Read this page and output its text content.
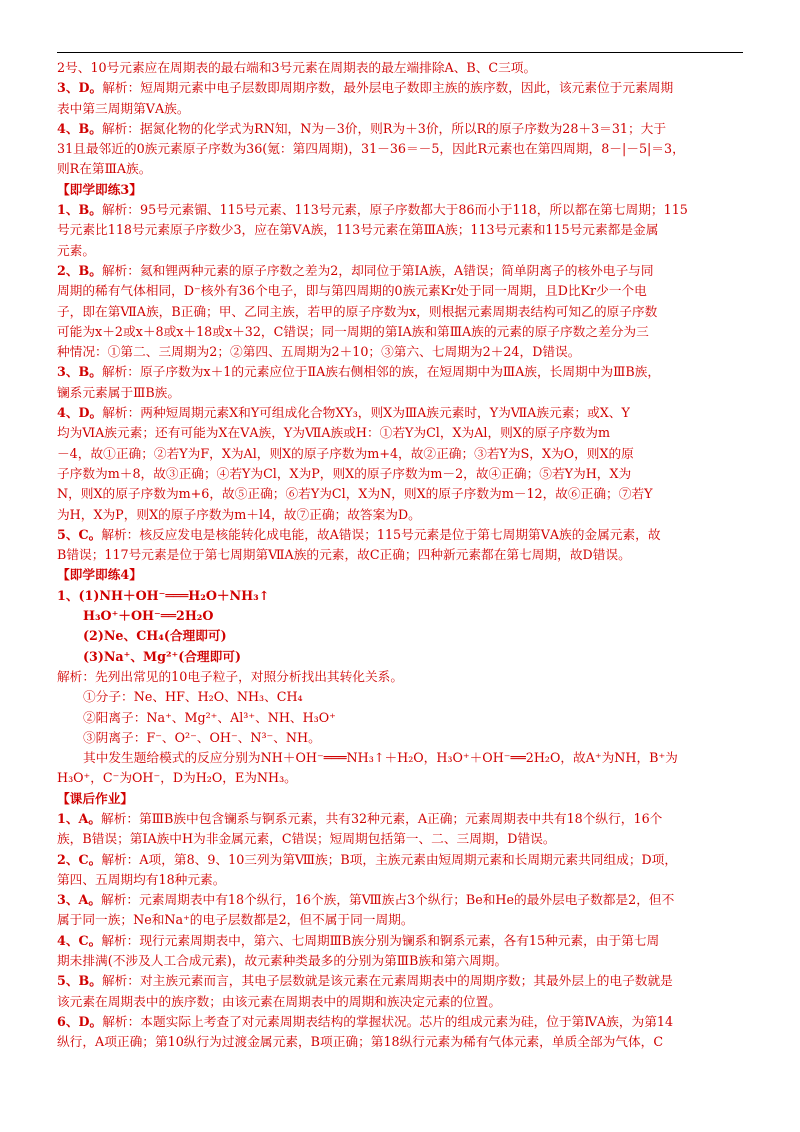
2号、10号元素应在周期表的最右端和3号元素在周期表的最左端排除A、B、C三项。

3、D。解析：短周期元素中电子层数即周期序数，最外层电子数即主族的族序数，因此，该元素位于元素周期

表中第三周期第ⅤA族。

4、B。解析：据氮化物的化学式为RN知，N为－3价，则R为＋3价，所以R的原子序数为28＋3＝31；大于

31且最邻近的0族元素原子序数为36(氪：第四周期)，31－36＝－5，因此R元素也在第四周期，8－|－5|＝3，

则R在第ⅢA族。

【即学即练3】

1、B。解析：95号元素镅、115号元素、113号元素，原子序数都大于86而小于118，所以都在第七周期；115

号元素比118号元素原子序数少3，应在第ⅤA族，113号元素在第ⅢA族；113号元素和115号元素都是金属

元素。

2、B。解析：氦和锂两种元素的原子序数之差为2，却同位于第ⅠA族，A错误；简单阴离子的核外电子与同

周期的稀有气体相同，D⁻核外有36个电子，即与第四周期的0族元素Kr处于同一周期，且D比Kr少一个电

子，即在第ⅦA族，B正确；甲、乙同主族，若甲的原子序数为x，则根据元素周期表结构可知乙的原子序数

可能为x＋2或x＋8或x＋18或x＋32，C错误；同一周期的第ⅠA族和第ⅢA族的元素的原子序数之差分为三

种情况：①第二、三周期为2；②第四、五周期为2＋10；③第六、七周期为2＋24，D错误。

3、B。解析：原子序数为x＋1的元素应位于ⅡA族右侧相邻的族，在短周期中为ⅢA族，长周期中为ⅢB族，

镧系元素属于ⅢB族。

4、D。解析：两种短周期元素X和Y可组成化合物XY₃，则X为ⅢA族元素时，Y为ⅦA族元素；或X、Y

均为ⅥA族元素；还有可能为X在ⅤA族，Y为ⅦA族或H：①若Y为Cl，X为Al，则X的原子序数为m

－4，故①正确；②若Y为F，X为Al，则X的原子序数为m+4，故②正确；③若Y为S，X为O，则X的原

子序数为m＋8，故③正确；④若Y为Cl，X为P，则X的原子序数为m－2，故④正确；⑤若Y为H，X为

N，则X的原子序数为m+6，故⑤正确；⑥若Y为Cl，X为N，则X的原子序数为m－12，故⑥正确；⑦若Y

为H，X为P，则X的原子序数为m＋l4，故⑦正确；故答案为D。

5、C。解析：核反应发电是核能转化成电能，故A错误；115号元素是位于第七周期第ⅤA族的金属元素，故

B错误；117号元素是位于第七周期第ⅦA族的元素，故C正确；四种新元素都在第七周期，故D错误。

【即学即练4】

1、(1)NH＋OH⁻═══H₂O＋NH₃↑

H₃O⁺＋OH⁻══2H₂O

(2)Ne、CH₄(合理即可)

(3)Na⁺、Mg²⁺(合理即可)

解析：先列出常见的10电子粒子，对照分析找出其转化关系。

①分子：Ne、HF、H₂O、NH₃、CH₄

②阳离子：Na⁺、Mg²⁺、Al³⁺、NH、H₃O⁺

③阴离子：F⁻、O²⁻、OH⁻、N³⁻、NH。

其中发生题给模式的反应分别为NH＋OH⁻═══NH₃↑＋H₂O，H₃O⁺＋OH⁻══2H₂O，故A⁺为NH，B⁺为

H₃O⁺，C⁻为OH⁻，D为H₂O，E为NH₃。

【课后作业】

1、A。解析：第ⅢB族中包含镧系与锕系元素，共有32种元素，A正确；元素周期表中共有18个纵行，16个

族，B错误；第ⅠA族中H为非金属元素，C错误；短周期包括第一、二、三周期，D错误。

2、C。解析：A项，第8、9、10三列为第Ⅷ族；B项，主族元素由短周期元素和长周期元素共同组成；D项，

第四、五周期均有18种元素。

3、A。解析：元素周期表中有18个纵行，16个族，第Ⅷ族占3个纵行；Be和He的最外层电子数都是2，但不

属于同一族；Ne和Na⁺的电子层数都是2，但不属于同一周期。

4、C。解析：现行元素周期表中，第六、七周期ⅢB族分别为镧系和锕系元素，各有15种元素，由于第七周

期未排满(不涉及人工合成元素)，故元素种类最多的分别为第ⅢB族和第六周期。

5、B。解析：对主族元素而言，其电子层数就是该元素在元素周期表中的周期序数；其最外层上的电子数就是

该元素在周期表中的族序数；由该元素在周期表中的周期和族决定元素的位置。

6、D。解析：本题实际上考查了对元素周期表结构的掌握状况。芯片的组成元素为硅，位于第ⅣA族，为第14

纵行，A项正确；第10纵行为过渡金属元素，B项正确；第18纵行元素为稀有气体元素，单质全部为气体，C
